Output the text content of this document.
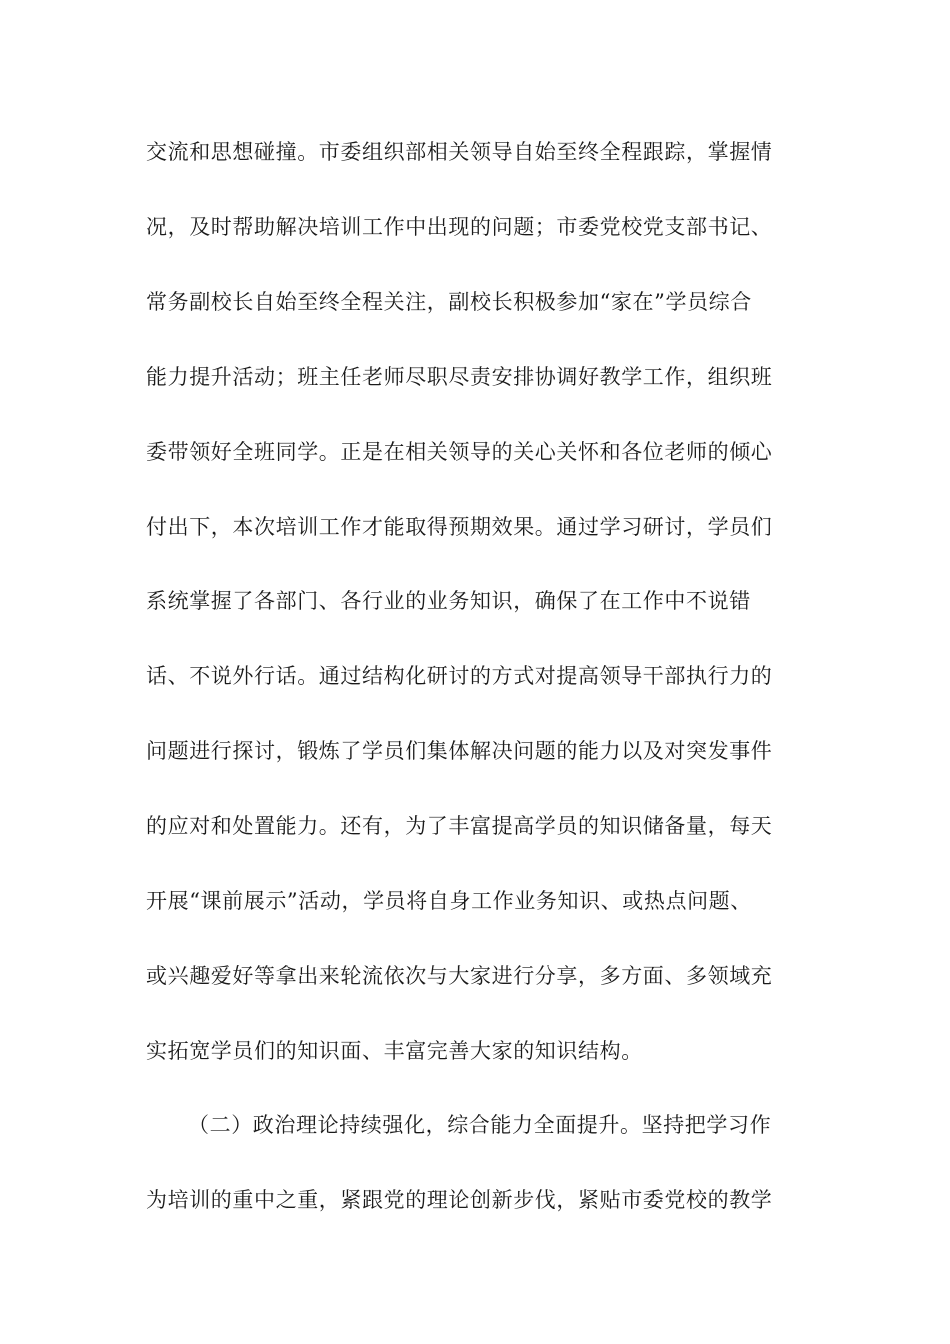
交流和思想碰撞。市委组织部相关领导自始至终全程跟踪，掌握情
况，及时帮助解决培训工作中出现的问题；市委党校党支部书记、
常务副校长自始至终全程关注，副校长积极参加“家在”学员综合
能力提升活动；班主任老师尽职尽责安排协调好教学工作，组织班
委带领好全班同学。正是在相关领导的关心关怀和各位老师的倾心
付出下，本次培训工作才能取得预期效果。通过学习研讨，学员们
系统掌握了各部门、各行业的业务知识，确保了在工作中不说错
话、不说外行话。通过结构化研讨的方式对提高领导干部执行力的
问题进行探讨，锻炼了学员们集体解决问题的能力以及对突发事件
的应对和处置能力。还有，为了丰富提高学员的知识储备量，每天
开展“课前展示”活动，学员将自身工作业务知识、或热点问题、
或兴趣爱好等拿出来轮流依次与大家进行分享，多方面、多领域充
实拓宽学员们的知识面、丰富完善大家的知识结构。
（二）政治理论持续强化，综合能力全面提升。坚持把学习作
为培训的重中之重，紧跟党的理论创新步伐，紧贴市委党校的教学
